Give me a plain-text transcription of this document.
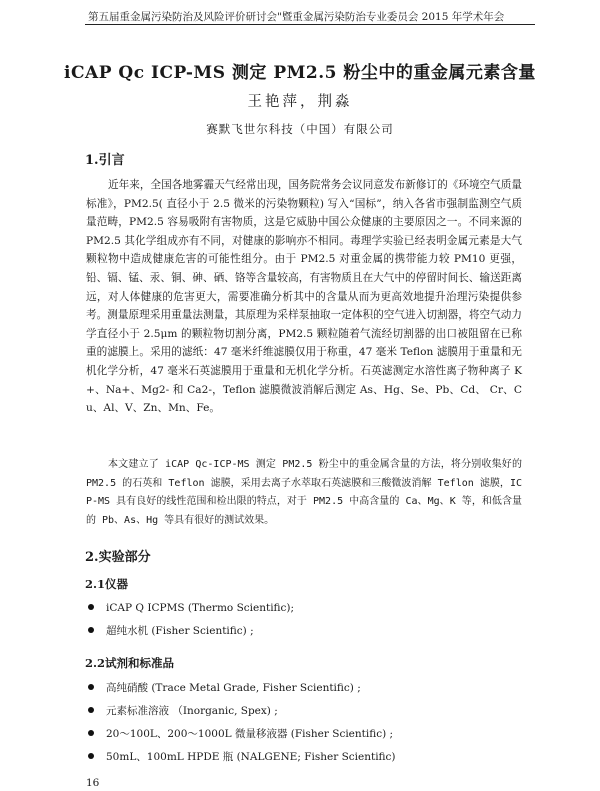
第五届重金属污染防治及风险评价研讨会"暨重金属污染防治专业委员会 2015 年学术年会
iCAP Qc ICP-MS 测定 PM2.5 粉尘中的重金属元素含量
王艳萍，荆淼
赛默飞世尔科技（中国）有限公司
1.引言
近年来，全国各地雾霾天气经常出现，国务院常务会议同意发布新修订的《环境空气质量标准》，PM2.5( 直径小于 2.5 微米的污染物颗粒) 写入“国标”，纳入各省市强制监测空气质量范畴，PM2.5 容易吸附有害物质，这是它威胁中国公众健康的主要原因之一。不同来源的 PM2.5 其化学组成亦有不同，对健康的影响亦不相同。毒理学实验已经表明金属元素是大气颗粒物中造成健康危害的可能性组分。由于 PM2.5 对重金属的携带能力较 PM10 更强，铅、镉、锰、汞、铜、砷、硒、铬等含量较高，有害物质且在大气中的停留时间长、输送距离远，对人体健康的危害更大，需要准确分析其中的含量从而为更高效地提升治理污染提供参考。测量原理采用重量法测量，其原理为采样泵抽取一定体积的空气进入切割器，将空气动力学直径小于 2.5μm 的颗粒物切割分离，PM2.5 颗粒随着气流经切割器的出口被阻留在已称重的滤膜上。采用的滤纸：47 毫米纤维滤膜仅用于称重，47 毫米 Teflon 滤膜用于重量和无机化学分析，47 毫米石英滤膜用于重量和无机化学分析。石英滤测定水溶性离子物种离子 K+、Na+、Mg2- 和 Ca2-，Teflon 滤膜微波消解后测定 As、Hg、Se、Pb、Cd、 Cr、Cu、Al、V、Zn、Mn、Fe。
本文建立了 iCAP Qc-ICP-MS 测定 PM2.5 粉尘中的重金属含量的方法，将分别收集好的PM2.5 的石英和 Teflon 滤膜，采用去离子水萃取石英滤膜和三酸微波消解 Teflon 滤膜，ICP-MS 具有良好的线性范围和检出限的特点，对于 PM2.5 中高含量的 Ca、Mg、K 等，和低含量的 Pb、As、Hg 等具有很好的测试效果。
2.实验部分
2.1仪器
iCAP Q ICPMS (Thermo Scientific);
超纯水机 (Fisher Scientific) ;
2.2试剂和标准品
高纯硝酸 (Trace Metal Grade, Fisher Scientific) ;
元素标准溶液 （Inorganic, Spex) ;
20～100L、200～1000L 微量移液器 (Fisher Scientific) ;
50mL、100mL HPDE 瓶 (NALGENE; Fisher Scientific)
16
